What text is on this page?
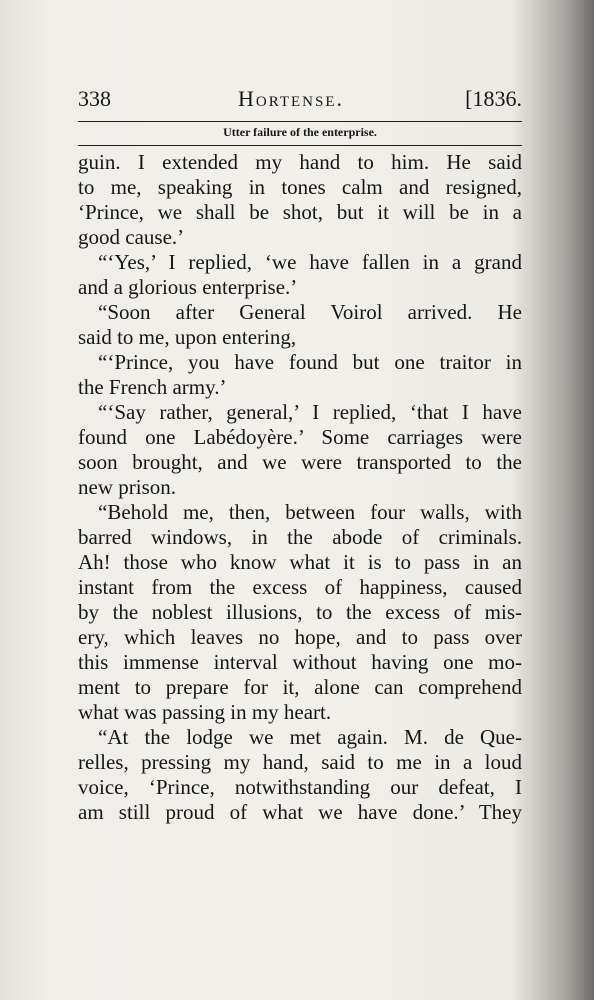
338	Hortense.	[1836.
Utter failure of the enterprise.
guin. I extended my hand to him. He said
to me, speaking in tones calm and resigned,
‘Prince, we shall be shot, but it will be in a
good cause.’
“‘Yes,’ I replied, ‘we have fallen in a grand
and a glorious enterprise.’
“Soon after General Voirol arrived. He
said to me, upon entering,
“‘Prince, you have found but one traitor in
the French army.’
“‘Say rather, general,’ I replied, ‘that I have
found one Labédoyère.’ Some carriages were
soon brought, and we were transported to the
new prison.
“Behold me, then, between four walls, with
barred windows, in the abode of criminals.
Ah! those who know what it is to pass in an
instant from the excess of happiness, caused
by the noblest illusions, to the excess of mis-
ery, which leaves no hope, and to pass over
this immense interval without having one mo-
ment to prepare for it, alone can comprehend
what was passing in my heart.
“At the lodge we met again. M. de Que-
relles, pressing my hand, said to me in a loud
voice, ‘Prince, notwithstanding our defeat, I
am still proud of what we have done.’ They
